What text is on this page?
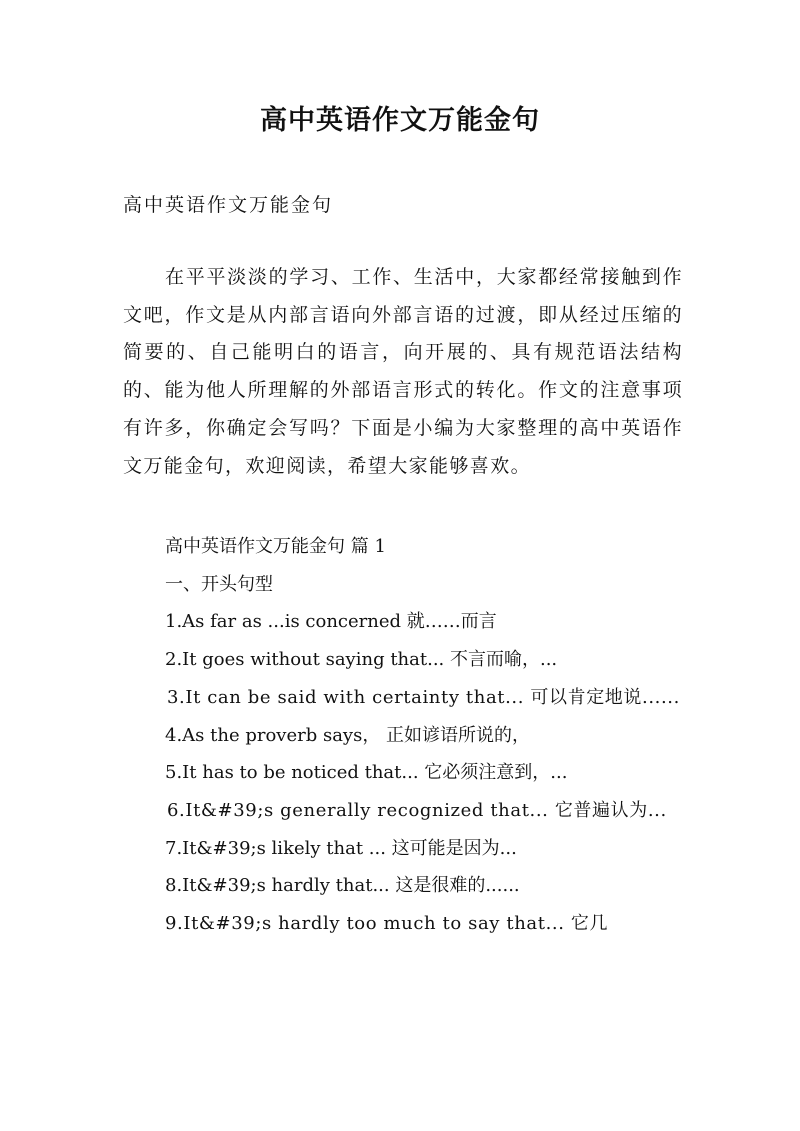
高中英语作文万能金句

高中英语作文万能金句

在平平淡淡的学习、工作、生活中，大家都经常接触到作文吧，作文是从内部言语向外部言语的过渡，即从经过压缩的简要的、自己能明白的语言，向开展的、具有规范语法结构的、能为他人所理解的外部语言形式的转化。作文的注意事项有许多，你确定会写吗？下面是小编为大家整理的高中英语作文万能金句，欢迎阅读，希望大家能够喜欢。

高中英语作文万能金句 篇 1

一、开头句型

1.As far as ...is concerned 就……而言

2.It goes without saying that... 不言而喻，...

3.It can be said with certainty that... 可以肯定地说......

4.As the proverb says， 正如谚语所说的，

5.It has to be noticed that... 它必须注意到，...

6.It&#39;s generally recognized that... 它普遍认为...

7.It&#39;s likely that ... 这可能是因为...

8.It&#39;s hardly that... 这是很难的......

9.It&#39;s hardly too much to say that... 它几
